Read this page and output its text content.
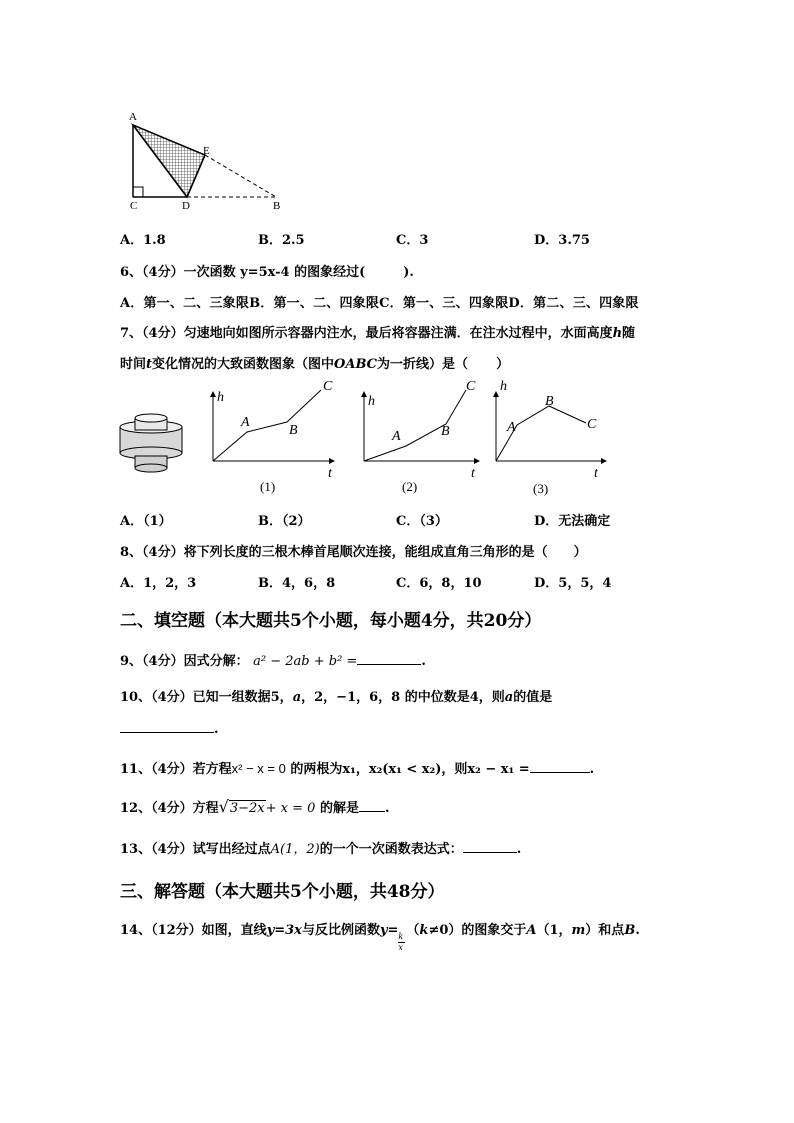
A
E
C	D	B
A．1.8	B．2.5	C．3	D．3.75
6、（4分）一次函数 y=5x-4 的图象经过(	).
A．第一、二、三象限B．第一、二、四象限C．第一、三、四象限D．第二、三、四象限
7、（4分）匀速地向如图所示容器内注水，最后将容器注满．在注水过程中，水面高度h随
时间t变化情况的大致函数图象（图中OABC为一折线）是（ ）
h
t
A
B
C
(1)
h
t
A	B
C
(2)
h
t
A
B
C
(3)
A．（1）	B．（2）	C．（3）	D．无法确定
8、（4分）将下列长度的三根木棒首尾顺次连接，能组成直角三角形的是（ ）
A．1，2，3	B．4，6，8	C．6，8，10	D．5，5，4
二、填空题（本大题共5个小题，每小题4分，共20分）
9、（4分）因式分解： a² − 2ab + b² =	.
10、（4分）已知一组数据5，a，2，−1，6，8 的中位数是4，则a的值是
.
11、（4分）若方程x² − x = 0 的两根为x₁，x₂(x₁ < x₂)，则x₂ − x₁ =	.
12、（4分）方程√3−2x+ x = 0 的解是 .
13、（4分）试写出经过点A(1，2)的一个一次函数表达式：	.
三、解答题（本大题共5个小题，共48分）
14、（12分）如图，直线y=3x与反比例函数$y= \frac{k}{x} (k\ne 0)$的图象交于A（1，m）和点B.
